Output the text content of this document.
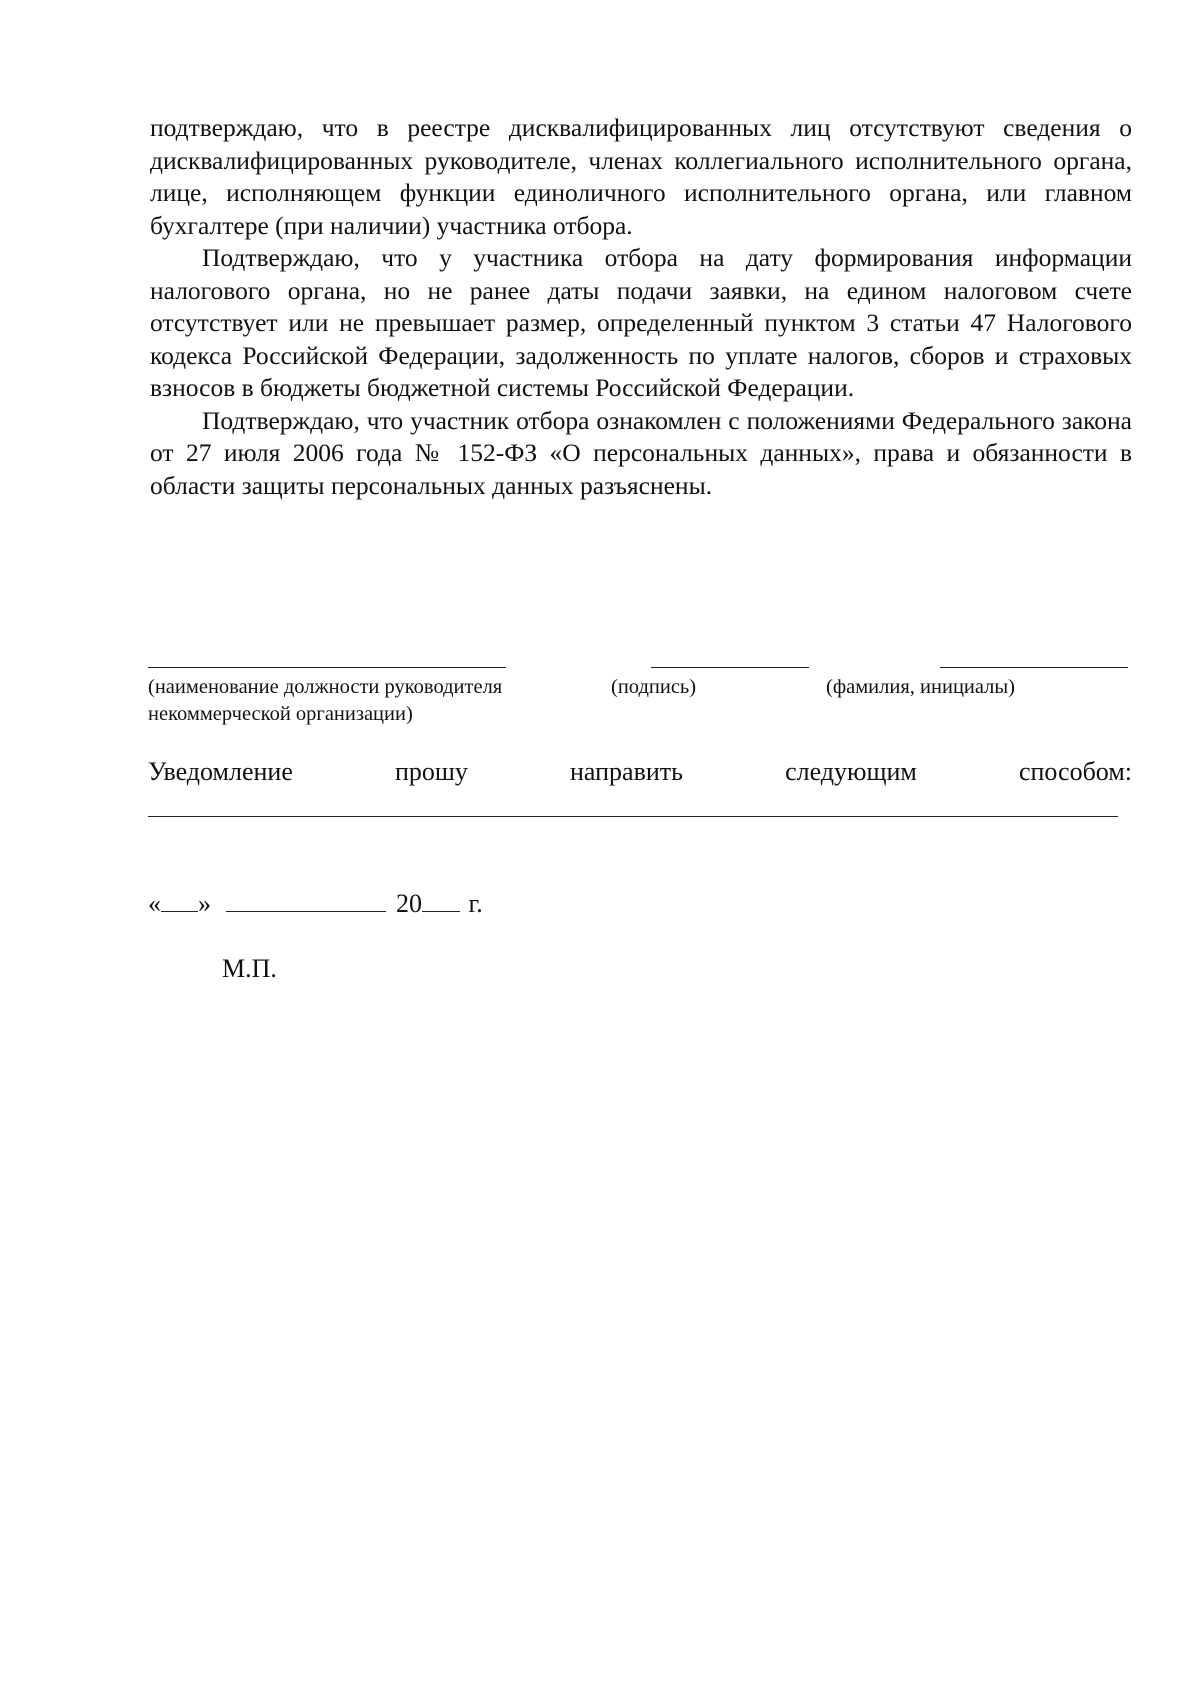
подтверждаю, что в реестре дисквалифицированных лиц отсутствуют сведения о дисквалифицированных руководителе, членах коллегиального исполнительного органа, лице, исполняющем функции единоличного исполнительного органа, или главном бухгалтере (при наличии) участника отбора.

Подтверждаю, что у участника отбора на дату формирования информации налогового органа, но не ранее даты подачи заявки, на едином налоговом счете отсутствует или не превышает размер, определенный пунктом 3 статьи 47 Налогового кодекса Российской Федерации, задолженность по уплате налогов, сборов и страховых взносов в бюджеты бюджетной системы Российской Федерации.

Подтверждаю, что участник отбора ознакомлен с положениями Федерального закона от 27 июля 2006 года № 152-ФЗ «О персональных данных», права и обязанности в области защиты персональных данных разъяснены.

(наименование должности руководителя
некоммерческой организации)
(подпись)	(фамилия, инициалы)
Уведомление	прошу	направить	следующим	способом:
« »	20 г.
М.П.
